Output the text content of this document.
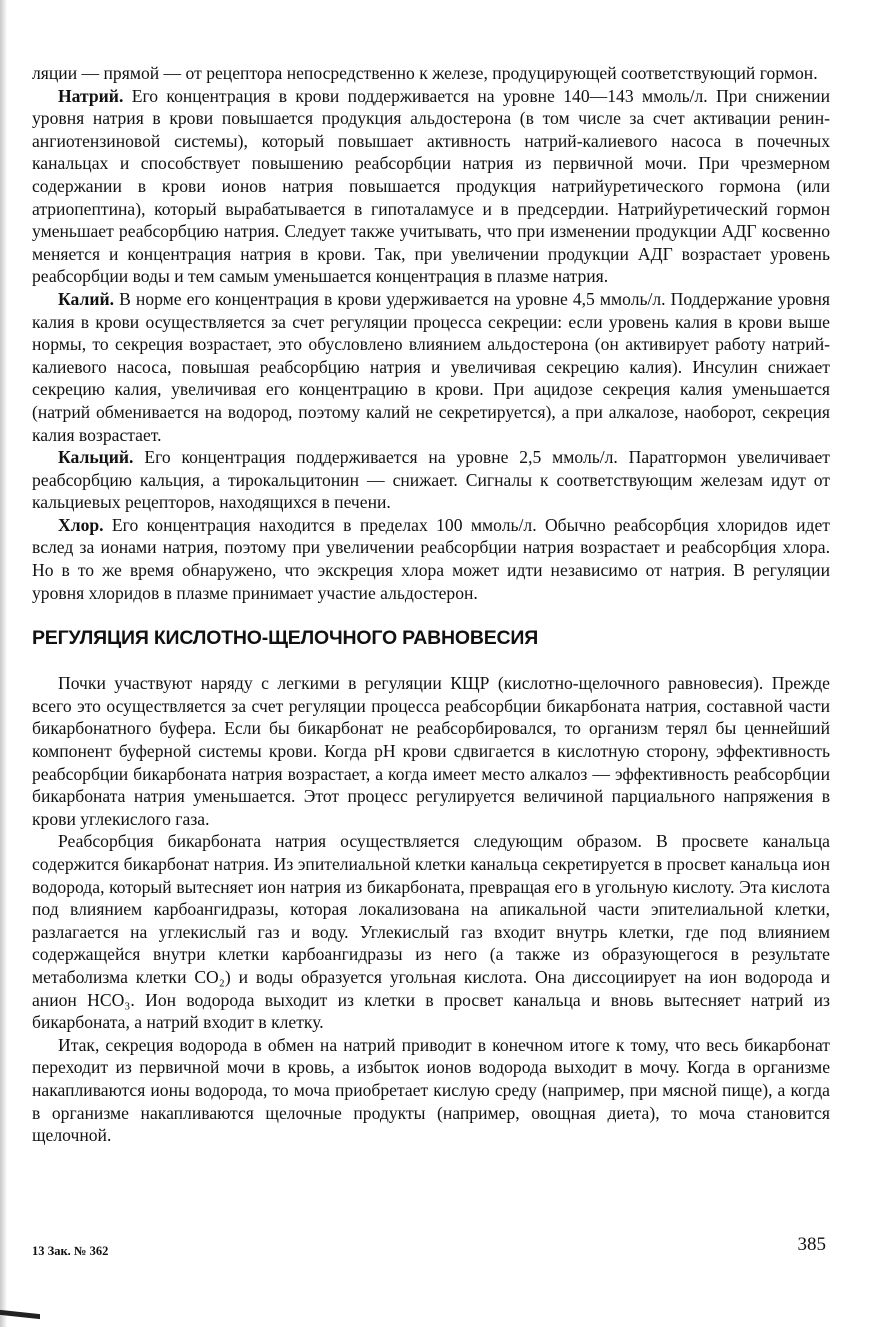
ляции — прямой — от рецептора непосредственно к железе, продуцирующей соответствующий гормон.

Натрий. Его концентрация в крови поддерживается на уровне 140—143 ммоль/л. При снижении уровня натрия в крови повышается продукция альдостерона (в том числе за счет активации ренин-ангиотензиновой системы), который повышает активность натрий-калиевого насоса в почечных канальцах и способствует повышению реабсорбции натрия из первичной мочи. При чрезмерном содержании в крови ионов натрия повышается продукция натрийуретического гормона (или атриопептина), который вырабатывается в гипоталамусе и в предсердии. Натрийуретический гормон уменьшает реабсорбцию натрия. Следует также учитывать, что при изменении продукции АДГ косвенно меняется и концентрация натрия в крови. Так, при увеличении продукции АДГ возрастает уровень реабсорбции воды и тем самым уменьшается концентрация в плазме натрия.

Калий. В норме его концентрация в крови удерживается на уровне 4,5 ммоль/л. Поддержание уровня калия в крови осуществляется за счет регуляции процесса секреции: если уровень калия в крови выше нормы, то секреция возрастает, это обусловлено влиянием альдостерона (он активирует работу натрий-калиевого насоса, повышая реабсорбцию натрия и увеличивая секрецию калия). Инсулин снижает секрецию калия, увеличивая его концентрацию в крови. При ацидозе секреция калия уменьшается (натрий обменивается на водород, поэтому калий не секретируется), а при алкалозе, наоборот, секреция калия возрастает.

Кальций. Его концентрация поддерживается на уровне 2,5 ммоль/л. Паратгормон увеличивает реабсорбцию кальция, а тирокальцитонин — снижает. Сигналы к соответствующим железам идут от кальциевых рецепторов, находящихся в печени.

Хлор. Его концентрация находится в пределах 100 ммоль/л. Обычно реабсорбция хлоридов идет вслед за ионами натрия, поэтому при увеличении реабсорбции натрия возрастает и реабсорбция хлора. Но в то же время обнаружено, что экскреция хлора может идти независимо от натрия. В регуляции уровня хлоридов в плазме принимает участие альдостерон.

РЕГУЛЯЦИЯ КИСЛОТНО-ЩЕЛОЧНОГО РАВНОВЕСИЯ

Почки участвуют наряду с легкими в регуляции КЩР (кислотно-щелочного равновесия). Прежде всего это осуществляется за счет регуляции процесса реабсорбции бикарбоната натрия, составной части бикарбонатного буфера. Если бы бикарбонат не реабсорбировался, то организм терял бы ценнейший компонент буферной системы крови. Когда pH крови сдвигается в кислотную сторону, эффективность реабсорбции бикарбоната натрия возрастает, а когда имеет место алкалоз — эффективность реабсорбции бикарбоната натрия уменьшается. Этот процесс регулируется величиной парциального напряжения в крови углекислого газа.

Реабсорбция бикарбоната натрия осуществляется следующим образом. В просвете канальца содержится бикарбонат натрия. Из эпителиальной клетки канальца секретируется в просвет канальца ион водорода, который вытесняет ион натрия из бикарбоната, превращая его в угольную кислоту. Эта кислота под влиянием карбоангидразы, которая локализована на апикальной части эпителиальной клетки, разлагается на углекислый газ и воду. Углекислый газ входит внутрь клетки, где под влиянием содержащейся внутри клетки карбоангидразы из него (а также из образующегося в результате метаболизма клетки CO₂) и воды образуется угольная кислота. Она диссоциирует на ион водорода и анион HCO₃. Ион водорода выходит из клетки в просвет канальца и вновь вытесняет натрий из бикарбоната, а натрий входит в клетку.

Итак, секреция водорода в обмен на натрий приводит в конечном итоге к тому, что весь бикарбонат переходит из первичной мочи в кровь, а избыток ионов водорода выходит в мочу. Когда в организме накапливаются ионы водорода, то моча приобретает кислую среду (например, при мясной пище), а когда в организме накапливаются щелочные продукты (например, овощная диета), то моча становится щелочной.

13 Зак. № 362	385
